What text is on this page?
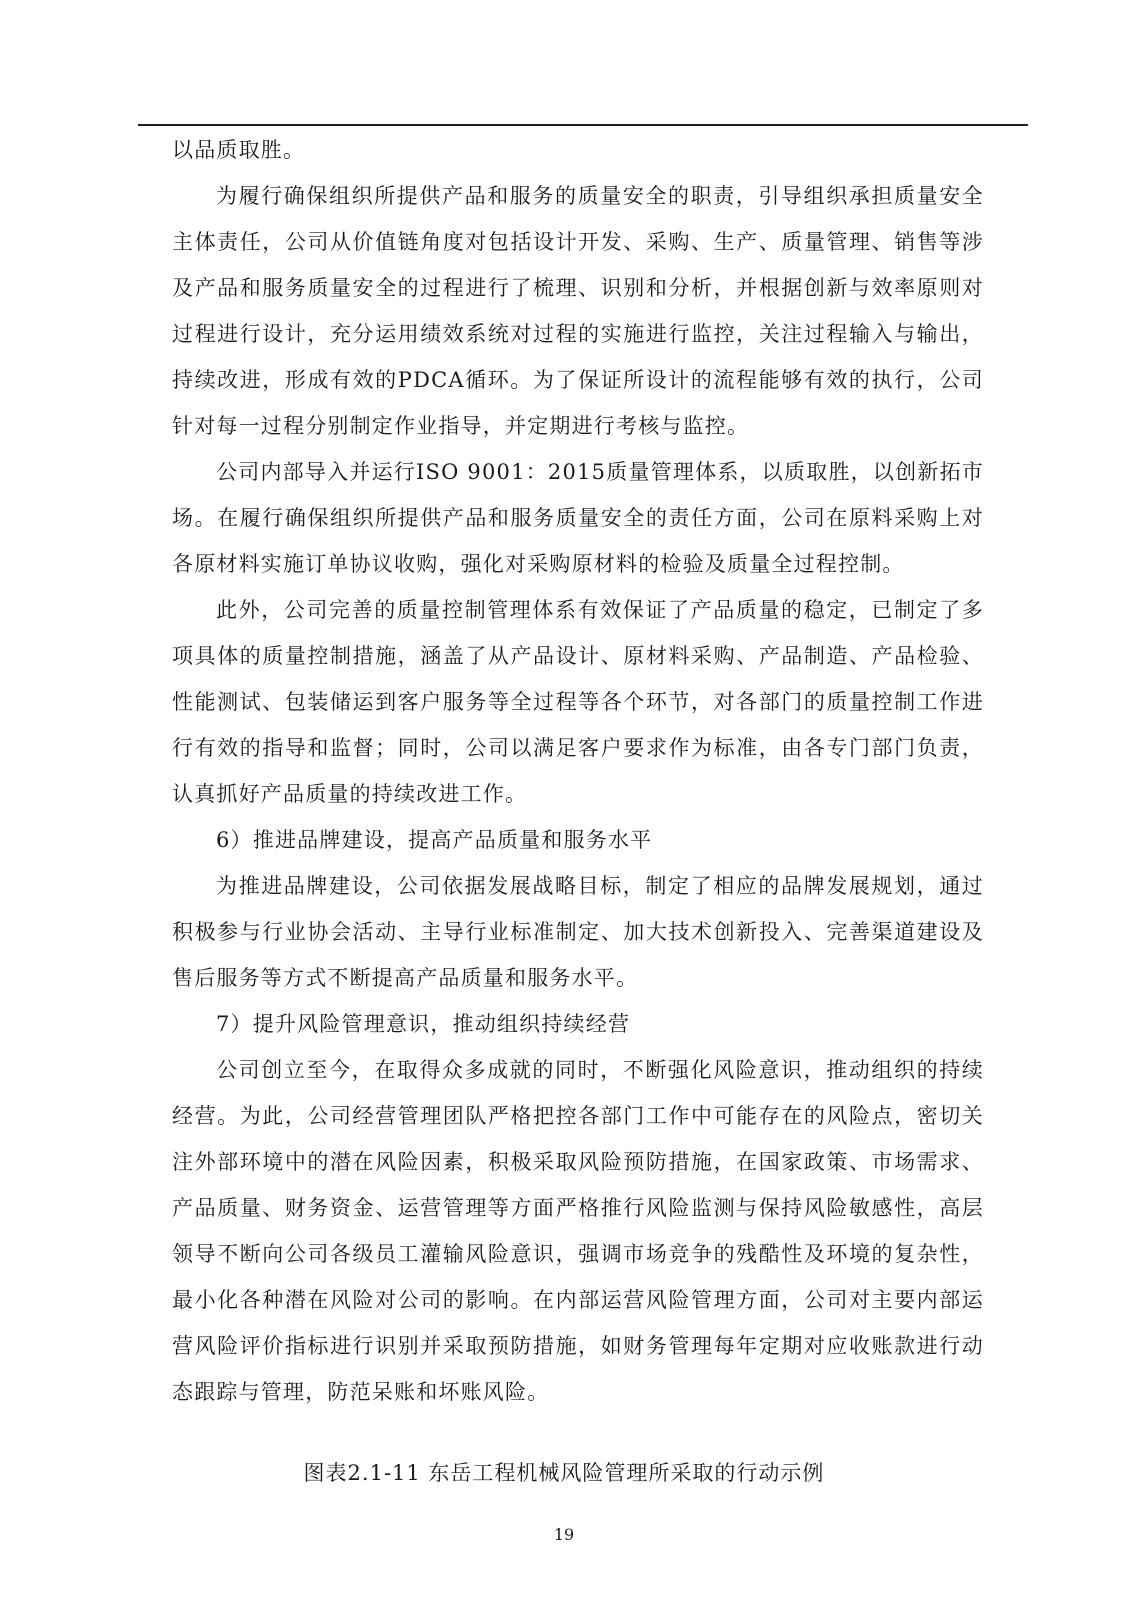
以品质取胜。

为履行确保组织所提供产品和服务的质量安全的职责，引导组织承担质量安全主体责任，公司从价值链角度对包括设计开发、采购、生产、质量管理、销售等涉及产品和服务质量安全的过程进行了梳理、识别和分析，并根据创新与效率原则对过程进行设计，充分运用绩效系统对过程的实施进行监控，关注过程输入与输出，持续改进，形成有效的PDCA循环。为了保证所设计的流程能够有效的执行，公司针对每一过程分别制定作业指导，并定期进行考核与监控。

公司内部导入并运行ISO 9001：2015质量管理体系，以质取胜，以创新拓市场。在履行确保组织所提供产品和服务质量安全的责任方面，公司在原料采购上对各原材料实施订单协议收购，强化对采购原材料的检验及质量全过程控制。

此外，公司完善的质量控制管理体系有效保证了产品质量的稳定，已制定了多项具体的质量控制措施，涵盖了从产品设计、原材料采购、产品制造、产品检验、性能测试、包装储运到客户服务等全过程等各个环节，对各部门的质量控制工作进行有效的指导和监督；同时，公司以满足客户要求作为标准，由各专门部门负责，认真抓好产品质量的持续改进工作。

6）推进品牌建设，提高产品质量和服务水平

为推进品牌建设，公司依据发展战略目标，制定了相应的品牌发展规划，通过积极参与行业协会活动、主导行业标准制定、加大技术创新投入、完善渠道建设及售后服务等方式不断提高产品质量和服务水平。

7）提升风险管理意识，推动组织持续经营

公司创立至今，在取得众多成就的同时，不断强化风险意识，推动组织的持续经营。为此，公司经营管理团队严格把控各部门工作中可能存在的风险点，密切关注外部环境中的潜在风险因素，积极采取风险预防措施，在国家政策、市场需求、产品质量、财务资金、运营管理等方面严格推行风险监测与保持风险敏感性，高层领导不断向公司各级员工灌输风险意识，强调市场竞争的残酷性及环境的复杂性，最小化各种潜在风险对公司的影响。在内部运营风险管理方面，公司对主要内部运营风险评价指标进行识别并采取预防措施，如财务管理每年定期对应收账款进行动态跟踪与管理，防范呆账和坏账风险。

图表2.1-11 东岳工程机械风险管理所采取的行动示例
19
